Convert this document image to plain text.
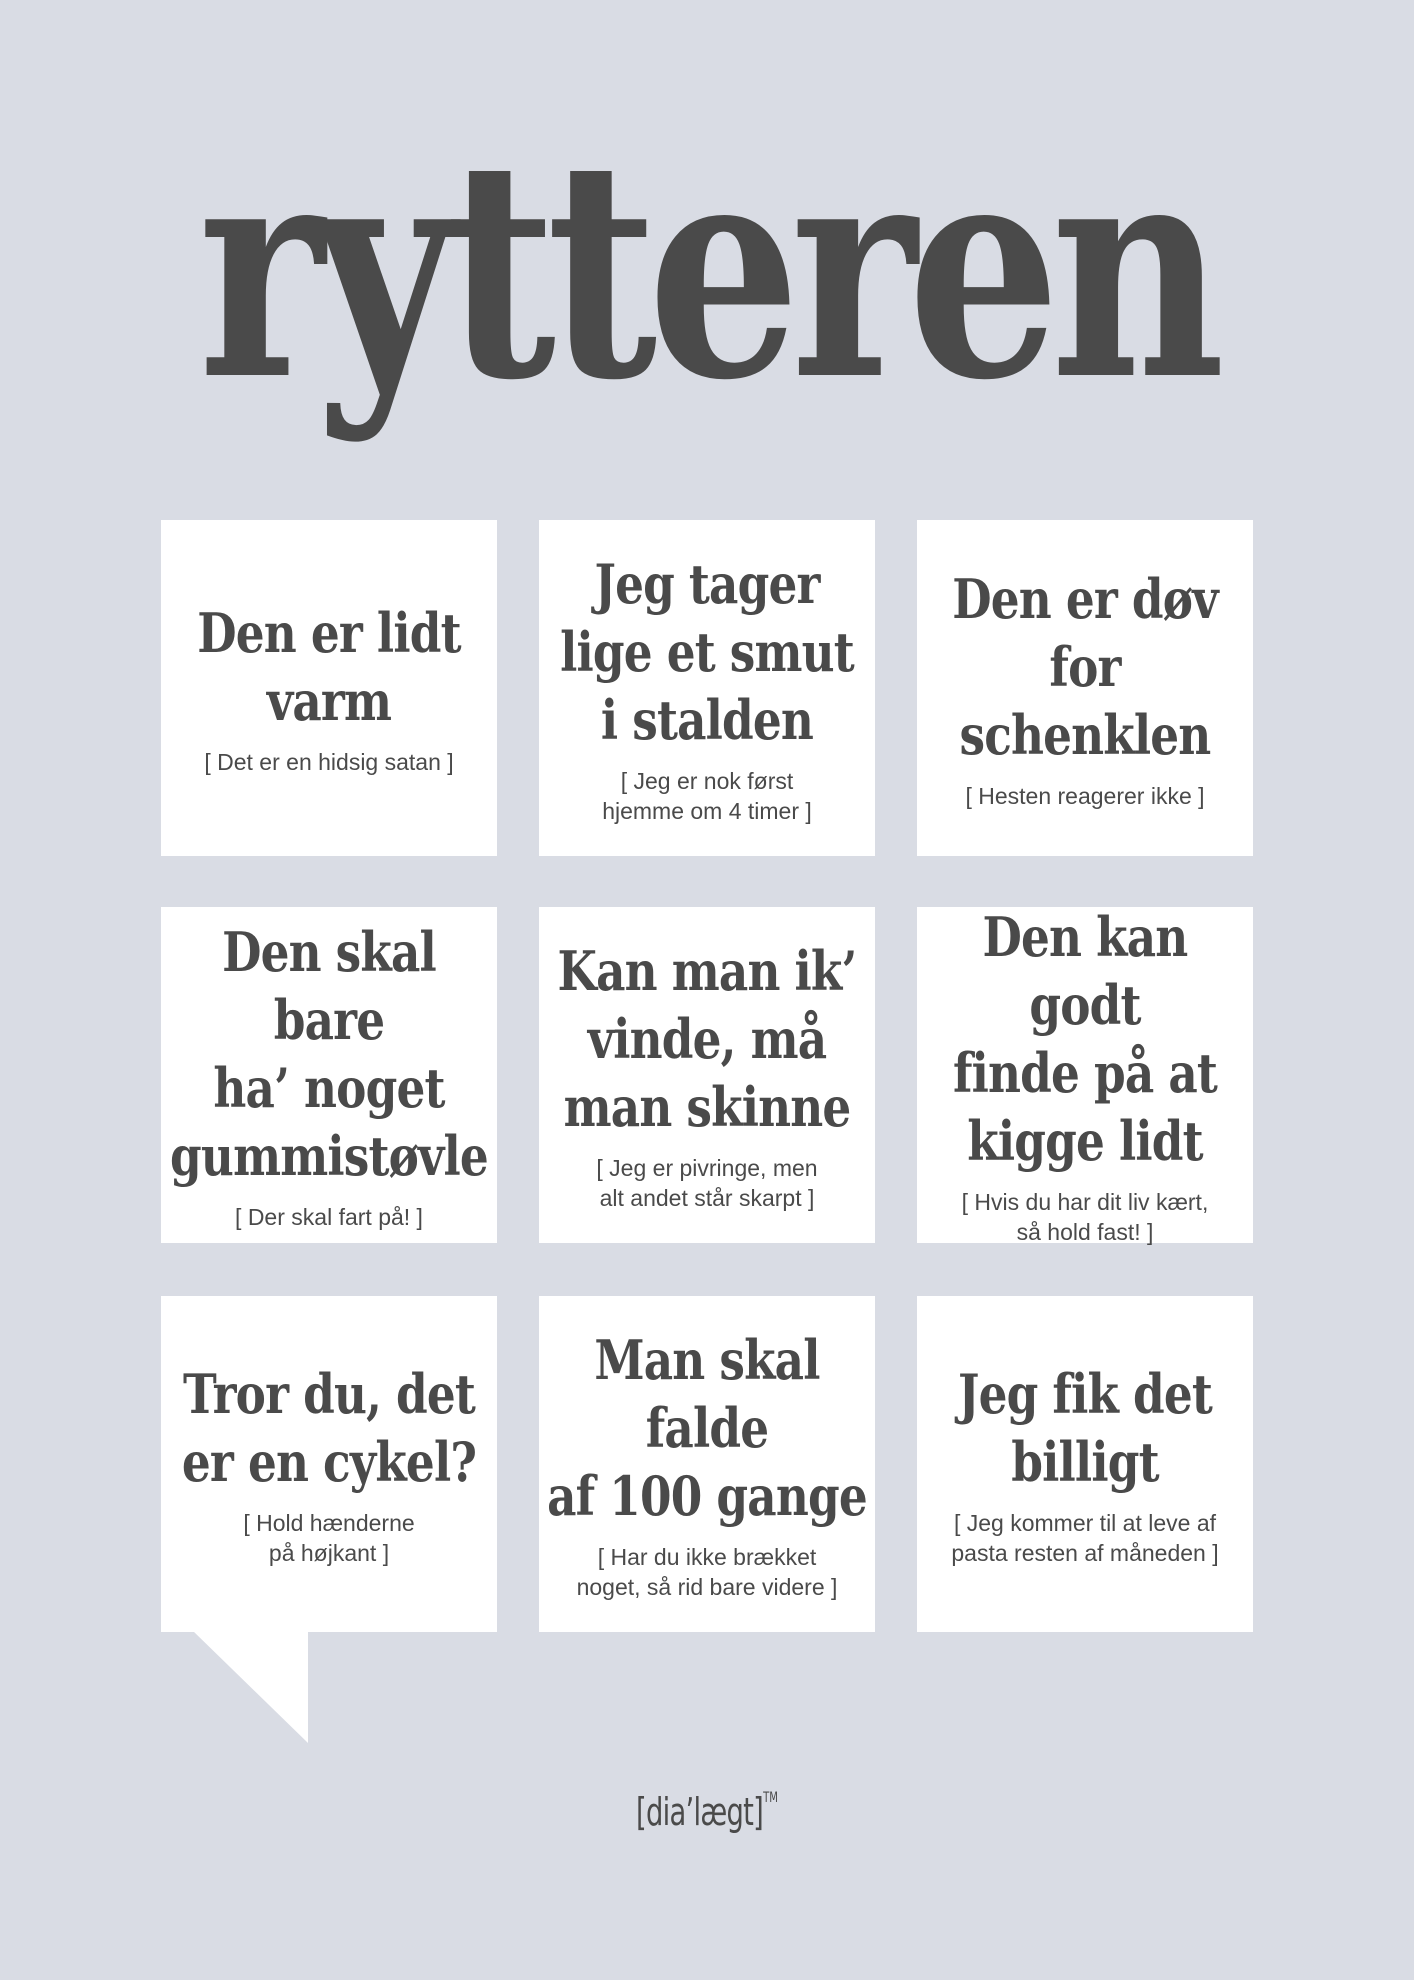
rytteren
Den er lidt
varm
[ Det er en hidsig satan ]
Jeg tager
lige et smut
i stalden
[ Jeg er nok først
hjemme om 4 timer ]
Den er døv
for schenklen
[ Hesten reagerer ikke ]
Den skal bare
ha’ noget
gummistøvle
[ Der skal fart på! ]
Kan man ik’
vinde, må
man skinne
[ Jeg er pivringe, men
alt andet står skarpt ]
Den kan godt
finde på at
kigge lidt
[ Hvis du har dit liv kært,
så hold fast! ]
Tror du, det
er en cykel?
[ Hold hænderne
på højkant ]
Man skal falde
af 100 gange
[ Har du ikke brækket
noget, så rid bare videre ]
Jeg fik det
billigt
[ Jeg kommer til at leve af
pasta resten af måneden ]
[dia’lægt]™
